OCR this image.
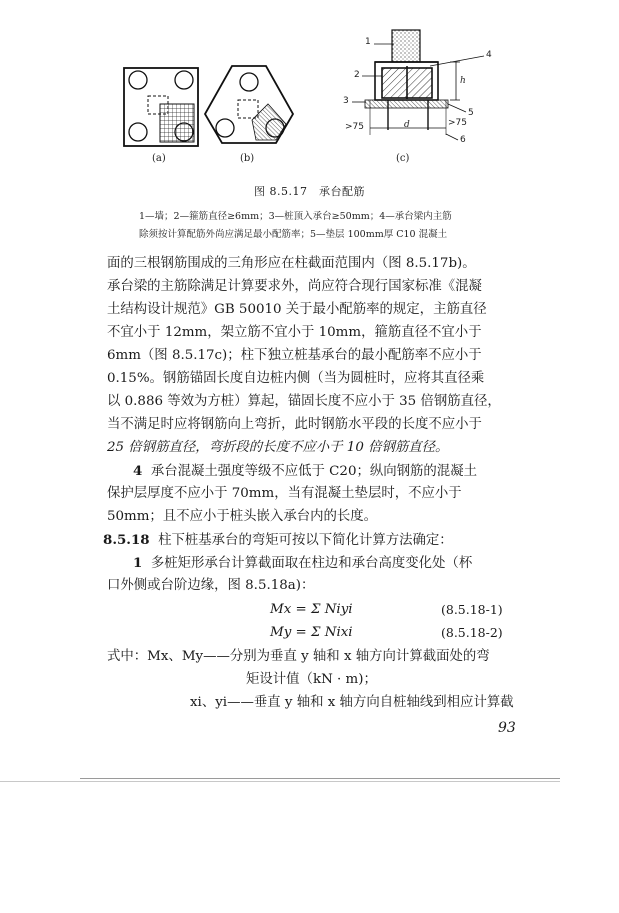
(a)	(b)	(c)
1
2
3
4
5
6
>75	d	>75
h
图 8.5.17　承台配筋
1—墙；2—箍筋直径≥6mm；3—桩顶入承台≥50mm；4—承台梁内主筋
除须按计算配筋外尚应满足最小配筋率；5—垫层 100mm厚 C10 混凝土
面的三根钢筋围成的三角形应在柱截面范围内（图 8.5.17b)。
承台梁的主筋除满足计算要求外，尚应符合现行国家标准《混凝
土结构设计规范》GB 50010 关于最小配筋率的规定，主筋直径
不宜小于 12mm，架立筋不宜小于 10mm，箍筋直径不宜小于
6mm（图 8.5.17c)；柱下独立桩基承台的最小配筋率不应小于
0.15%。钢筋锚固长度自边桩内侧（当为圆桩时，应将其直径乘
以 0.886 等效为方桩）算起，锚固长度不应小于 35 倍钢筋直径，
当不满足时应将钢筋向上弯折，此时钢筋水平段的长度不应小于
25 倍钢筋直径，弯折段的长度不应小于 10 倍钢筋直径。
4 承台混凝土强度等级不应低于 C20；纵向钢筋的混凝土
保护层厚度不应小于 70mm，当有混凝土垫层时，不应小于
50mm；且不应小于桩头嵌入承台内的长度。
8.5.18 柱下桩基承台的弯矩可按以下简化计算方法确定：
1 多桩矩形承台计算截面取在柱边和承台高度变化处（杯
口外侧或台阶边缘，图 8.5.18a)：
Mx = Σ Niyi	(8.5.18-1)
My = Σ Nixi	(8.5.18-2)
式中：Mx、My——分别为垂直 y 轴和 x 轴方向计算截面处的弯
矩设计值（kN · m)；
xi、yi——垂直 y 轴和 x 轴方向自桩轴线到相应计算截
93
